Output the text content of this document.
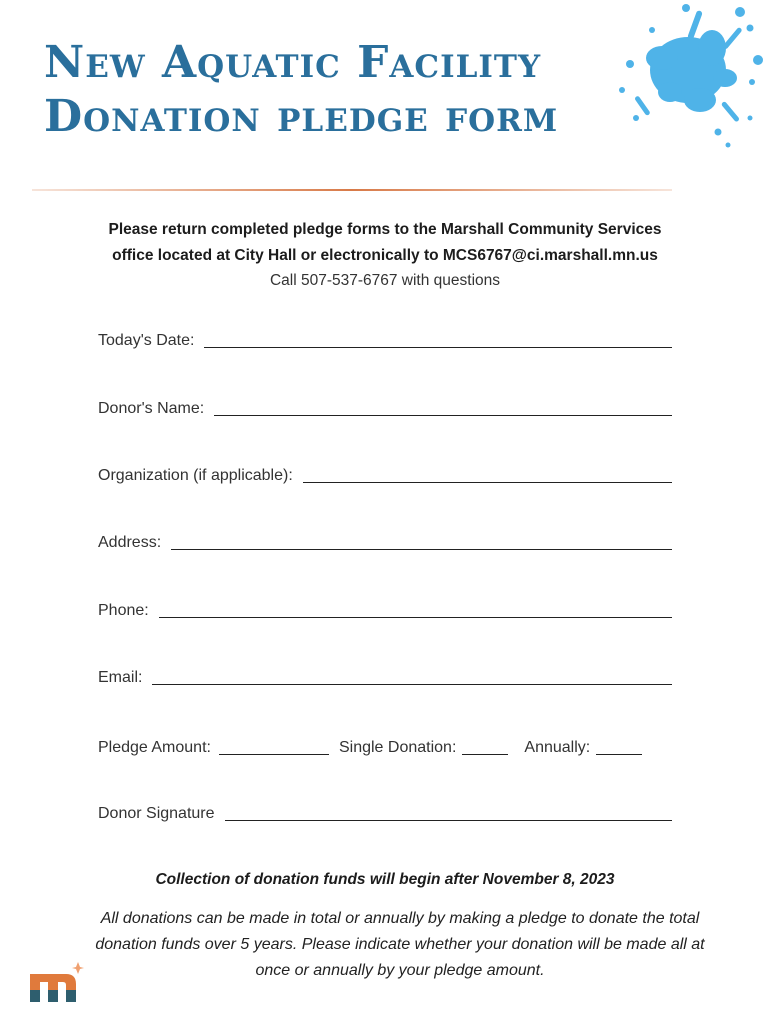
New Aquatic Facility
Donation pledge form
Please return completed pledge forms to the Marshall Community Services
office located at City Hall or electronically to MCS6767@ci.marshall.mn.us
Call 507-537-6767 with questions
Today's Date:
Donor's Name:
Organization (if applicable):
Address:
Phone:
Email:
Pledge Amount:	Single Donation:	Annually:
Donor Signature
Collection of donation funds will begin after November 8, 2023
All donations can be made in total or annually by making a pledge to donate the total donation funds over 5 years. Please indicate whether your donation will be made all at once or annually by your pledge amount.
